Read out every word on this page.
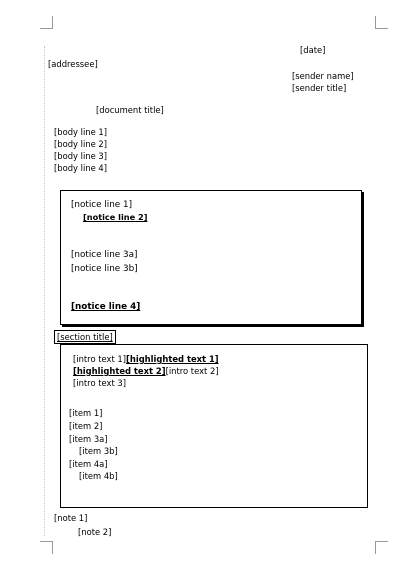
[date]
[addressee]
[sender name]
[sender title]
[document title]
[body line 1]
[body line 2]
[body line 3]
[body line 4]
[notice line 1]
[notice line 2]
[notice line 3a]
[notice line 3b]
[notice line 4]
[section title]
[intro text 1][highlighted text 1]
[highlighted text 2][intro text 2]
[intro text 3]
[item 1]
[item 2]
[item 3a]
[item 3b]
[item 4a]
[item 4b]
[note 1]
[note 2]
